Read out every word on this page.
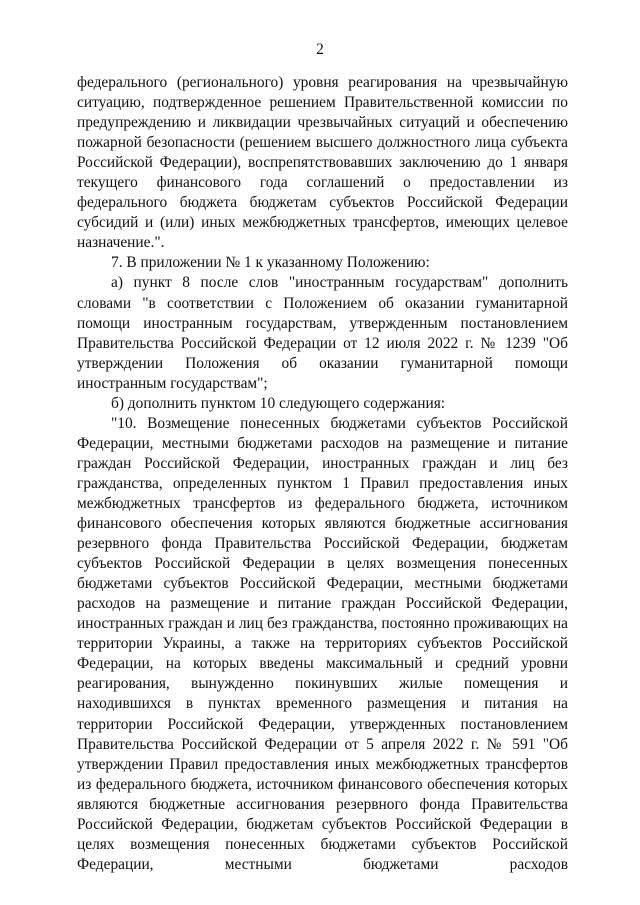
2

федерального (регионального) уровня реагирования на чрезвычайную ситуацию, подтвержденное решением Правительственной комиссии по предупреждению и ликвидации чрезвычайных ситуаций и обеспечению пожарной безопасности (решением высшего должностного лица субъекта Российской Федерации), воспрепятствовавших заключению до 1 января текущего финансового года соглашений о предоставлении из федерального бюджета бюджетам субъектов Российской Федерации субсидий и (или) иных межбюджетных трансфертов, имеющих целевое назначение.".

7. В приложении № 1 к указанному Положению:

а) пункт 8 после слов "иностранным государствам" дополнить словами "в соответствии с Положением об оказании гуманитарной помощи иностранным государствам, утвержденным постановлением Правительства Российской Федерации от 12 июля 2022 г. № 1239 "Об утверждении Положения об оказании гуманитарной помощи иностранным государствам";

б) дополнить пунктом 10 следующего содержания:

"10. Возмещение понесенных бюджетами субъектов Российской Федерации, местными бюджетами расходов на размещение и питание граждан Российской Федерации, иностранных граждан и лиц без гражданства, определенных пунктом 1 Правил предоставления иных межбюджетных трансфертов из федерального бюджета, источником финансового обеспечения которых являются бюджетные ассигнования резервного фонда Правительства Российской Федерации, бюджетам субъектов Российской Федерации в целях возмещения понесенных бюджетами субъектов Российской Федерации, местными бюджетами расходов на размещение и питание граждан Российской Федерации, иностранных граждан и лиц без гражданства, постоянно проживающих на территории Украины, а также на территориях субъектов Российской Федерации, на которых введены максимальный и средний уровни реагирования, вынужденно покинувших жилые помещения и находившихся в пунктах временного размещения и питания на территории Российской Федерации, утвержденных постановлением Правительства Российской Федерации от 5 апреля 2022 г. № 591 "Об утверждении Правил предоставления иных межбюджетных трансфертов из федерального бюджета, источником финансового обеспечения которых являются бюджетные ассигнования резервного фонда Правительства Российской Федерации, бюджетам субъектов Российской Федерации в целях возмещения понесенных бюджетами субъектов Российской Федерации, местными бюджетами расходов
